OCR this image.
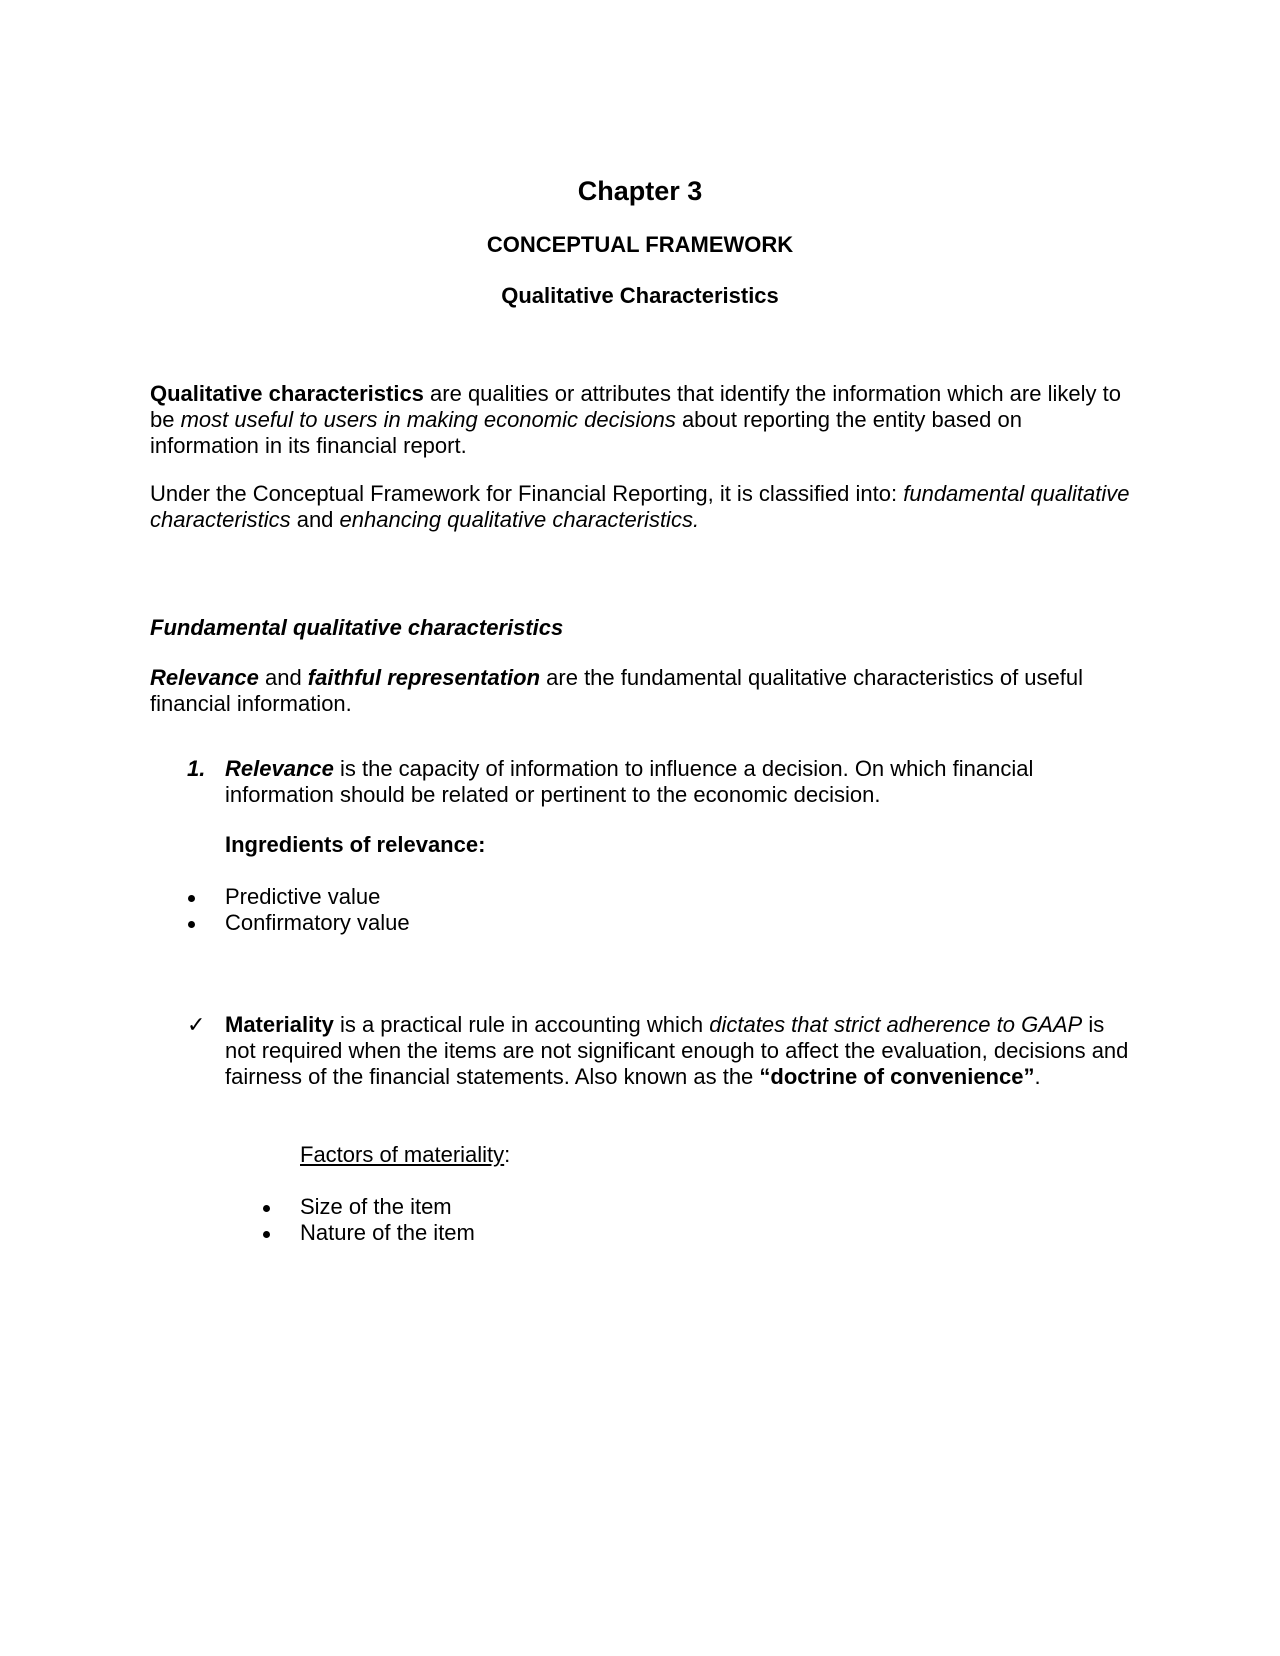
Chapter 3
CONCEPTUAL FRAMEWORK
Qualitative Characteristics

Qualitative characteristics are qualities or attributes that identify the information which are likely to be most useful to users in making economic decisions about reporting the entity based on information in its financial report.

Under the Conceptual Framework for Financial Reporting, it is classified into: fundamental qualitative characteristics and enhancing qualitative characteristics.

Fundamental qualitative characteristics

Relevance and faithful representation are the fundamental qualitative characteristics of useful financial information.

1. Relevance is the capacity of information to influence a decision. On which financial information should be related or pertinent to the economic decision.
Ingredients of relevance:
Predictive value
Confirmatory value
✓ Materiality is a practical rule in accounting which dictates that strict adherence to GAAP is not required when the items are not significant enough to affect the evaluation, decisions and fairness of the financial statements. Also known as the “doctrine of convenience”.
Factors of materiality:
Size of the item
Nature of the item
